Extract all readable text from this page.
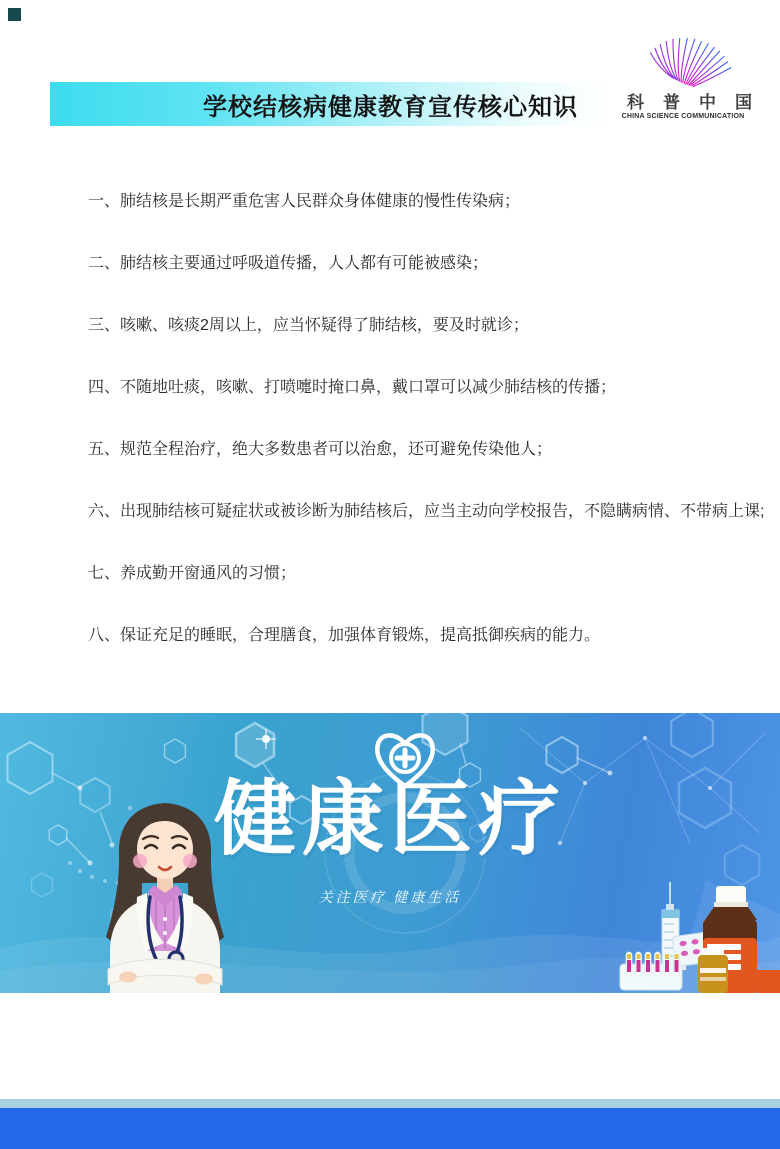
学校结核病健康教育宣传核心知识	科普中国
CHINA SCIENCE COMMUNICATION
一、肺结核是长期严重危害人民群众身体健康的慢性传染病；
二、肺结核主要通过呼吸道传播，人人都有可能被感染；
三、咳嗽、咳痰2周以上，应当怀疑得了肺结核，要及时就诊；
四、不随地吐痰，咳嗽、打喷嚏时掩口鼻，戴口罩可以减少肺结核的传播；
五、规范全程治疗，绝大多数患者可以治愈，还可避免传染他人；
六、出现肺结核可疑症状或被诊断为肺结核后，应当主动向学校报告，不隐瞒病情、不带病上课;
七、养成勤开窗通风的习惯；
八、保证充足的睡眠，合理膳食，加强体育锻炼，提高抵御疾病的能力。
健康医疗
关注医疗 健康生活
